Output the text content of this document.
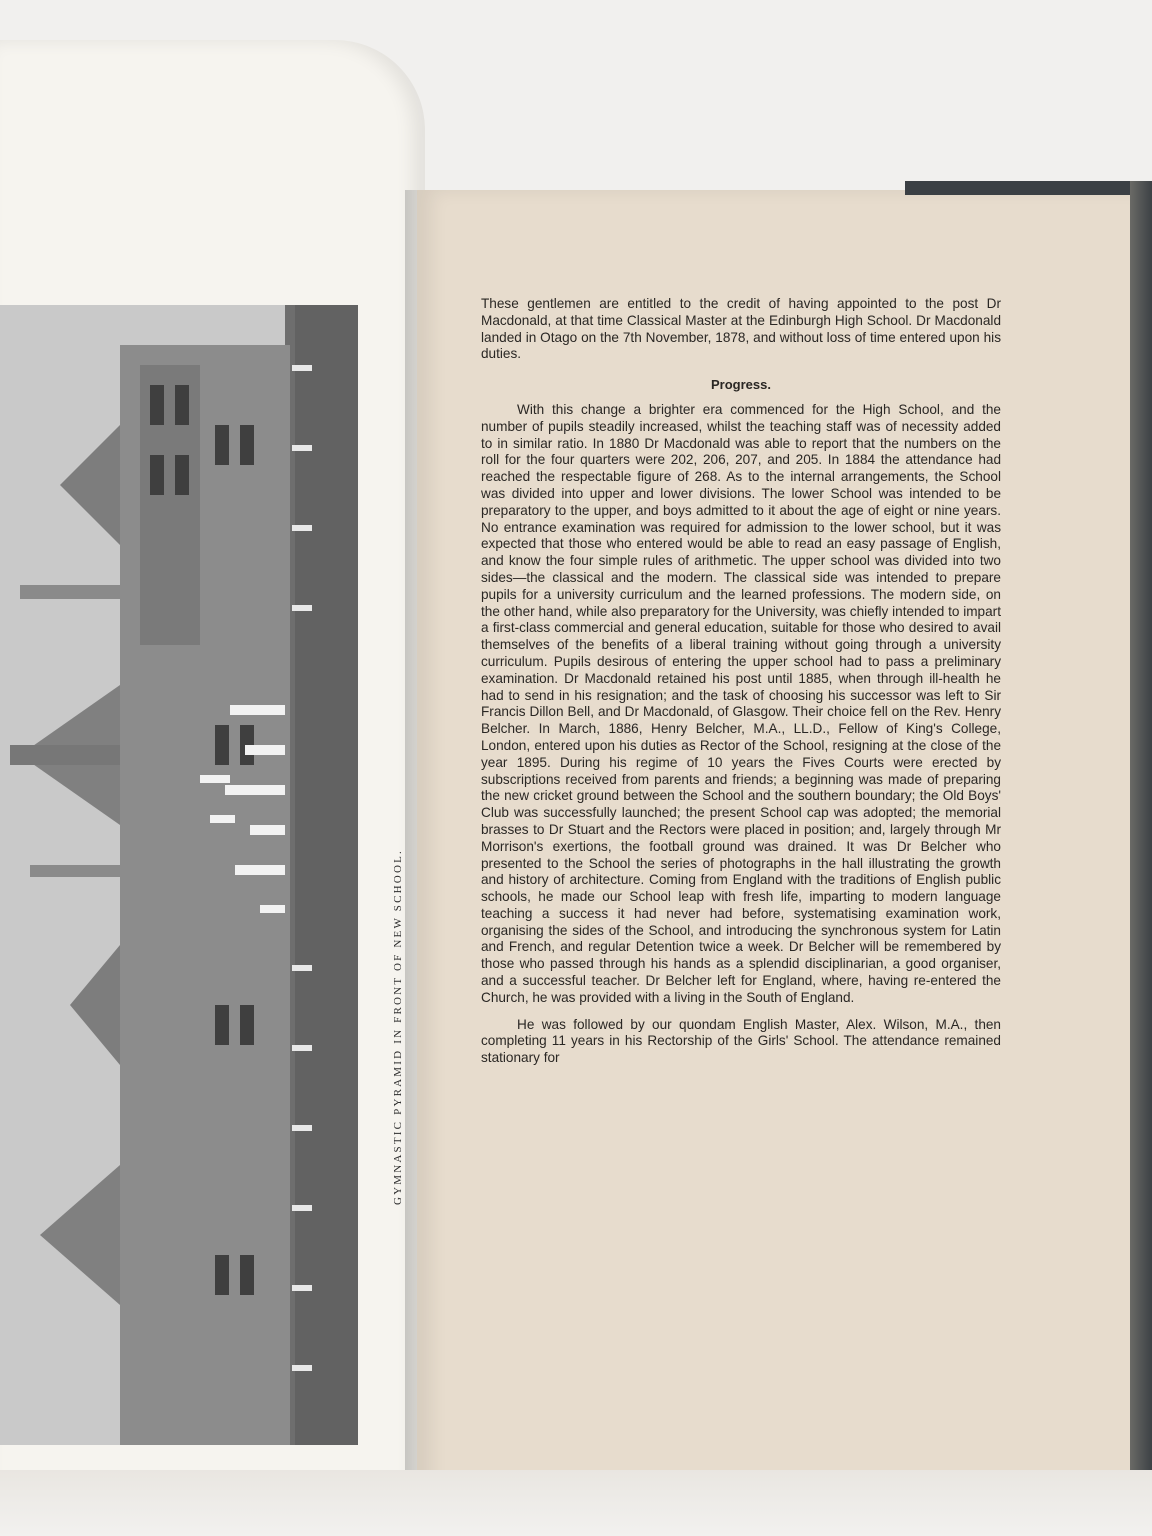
GYMNASTIC PYRAMID IN FRONT OF NEW SCHOOL.

These gentlemen are entitled to the credit of having appointed to the post Dr Macdonald, at that time Classical Master at the Edinburgh High School. Dr Macdonald landed in Otago on the 7th November, 1878, and without loss of time entered upon his duties.

Progress.

With this change a brighter era commenced for the High School, and the number of pupils steadily increased, whilst the teaching staff was of necessity added to in similar ratio. In 1880 Dr Macdonald was able to report that the numbers on the roll for the four quarters were 202, 206, 207, and 205. In 1884 the attendance had reached the respectable figure of 268. As to the internal arrangements, the School was divided into upper and lower divisions. The lower School was intended to be preparatory to the upper, and boys admitted to it about the age of eight or nine years. No entrance examination was required for admission to the lower school, but it was expected that those who entered would be able to read an easy passage of English, and know the four simple rules of arithmetic. The upper school was divided into two sides—the classical and the modern. The classical side was intended to prepare pupils for a university curriculum and the learned professions. The modern side, on the other hand, while also preparatory for the University, was chiefly intended to impart a first-class commercial and general education, suitable for those who desired to avail themselves of the benefits of a liberal training without going through a university curriculum. Pupils desirous of entering the upper school had to pass a preliminary examination. Dr Macdonald retained his post until 1885, when through ill-health he had to send in his resignation; and the task of choosing his successor was left to Sir Francis Dillon Bell, and Dr Macdonald, of Glasgow. Their choice fell on the Rev. Henry Belcher. In March, 1886, Henry Belcher, M.A., LL.D., Fellow of King's College, London, entered upon his duties as Rector of the School, resigning at the close of the year 1895. During his regime of 10 years the Fives Courts were erected by subscriptions received from parents and friends; a beginning was made of preparing the new cricket ground between the School and the southern boundary; the Old Boys' Club was successfully launched; the present School cap was adopted; the memorial brasses to Dr Stuart and the Rectors were placed in position; and, largely through Mr Morrison's exertions, the football ground was drained. It was Dr Belcher who presented to the School the series of photographs in the hall illustrating the growth and history of architecture. Coming from England with the traditions of English public schools, he made our School leap with fresh life, imparting to modern language teaching a success it had never had before, systematising examination work, organising the sides of the School, and introducing the synchronous system for Latin and French, and regular Detention twice a week. Dr Belcher will be remembered by those who passed through his hands as a splendid disciplinarian, a good organiser, and a successful teacher. Dr Belcher left for England, where, having re-entered the Church, he was provided with a living in the South of England.

He was followed by our quondam English Master, Alex. Wilson, M.A., then completing 11 years in his Rectorship of the Girls' School. The attendance remained stationary for
